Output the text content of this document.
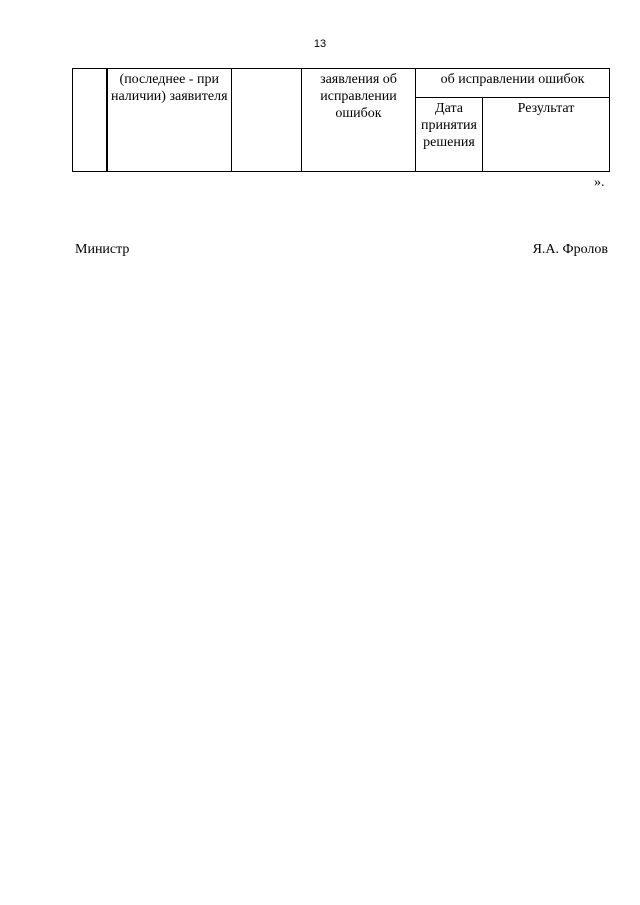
13
	(последнее - при наличии) заявителя		заявления об исправлении ошибок	об исправлении ошибок	
				Дата принятия решения	Результат
».
Министр	Я.А. Фролов
